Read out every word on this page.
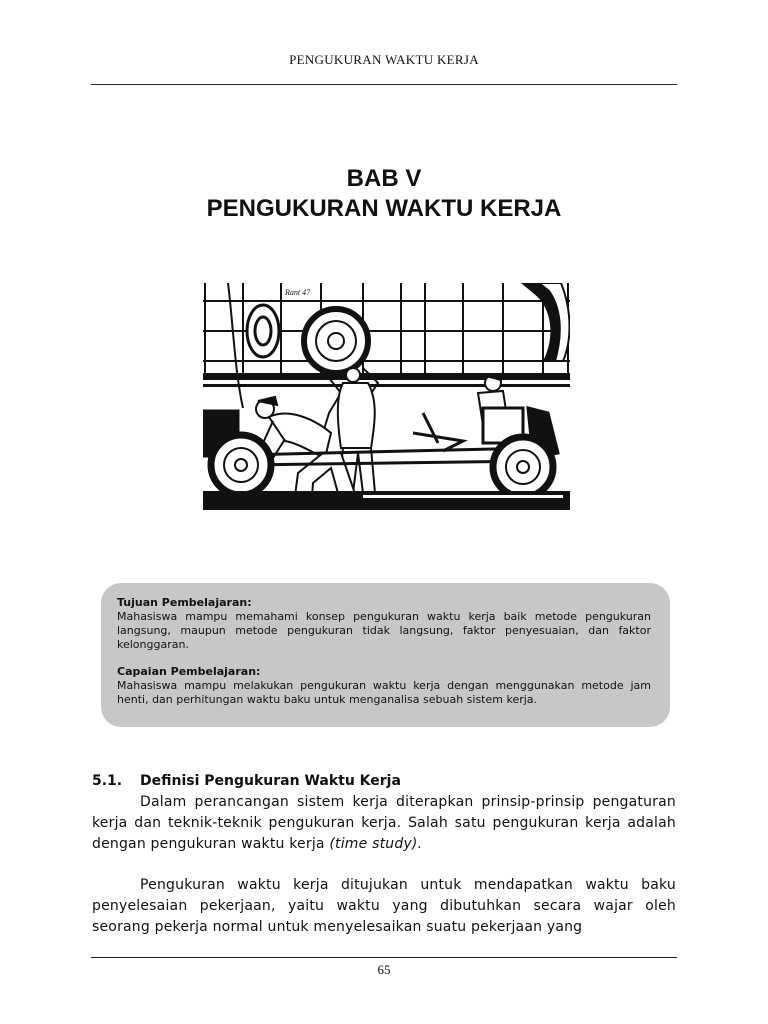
PENGUKURAN WAKTU KERJA
BAB V
PENGUKURAN WAKTU KERJA
Rant 47
Tujuan Pembelajaran:
Mahasiswa mampu memahami konsep pengukuran waktu kerja baik metode pengukuran langsung, maupun metode pengukuran tidak langsung, faktor penyesuaian, dan faktor kelonggaran.
Capaian Pembelajaran:
Mahasiswa mampu melakukan pengukuran waktu kerja dengan menggunakan metode jam henti, dan perhitungan waktu baku untuk menganalisa sebuah sistem kerja.

5.1. Definisi Pengukuran Waktu Kerja

Dalam perancangan sistem kerja diterapkan prinsip-prinsip pengaturan kerja dan teknik-teknik pengukuran kerja. Salah satu pengukuran kerja adalah dengan pengukuran waktu kerja (time study).

Pengukuran waktu kerja ditujukan untuk mendapatkan waktu baku penyelesaian pekerjaan, yaitu waktu yang dibutuhkan secara wajar oleh seorang pekerja normal untuk menyelesaikan suatu pekerjaan yang

65
